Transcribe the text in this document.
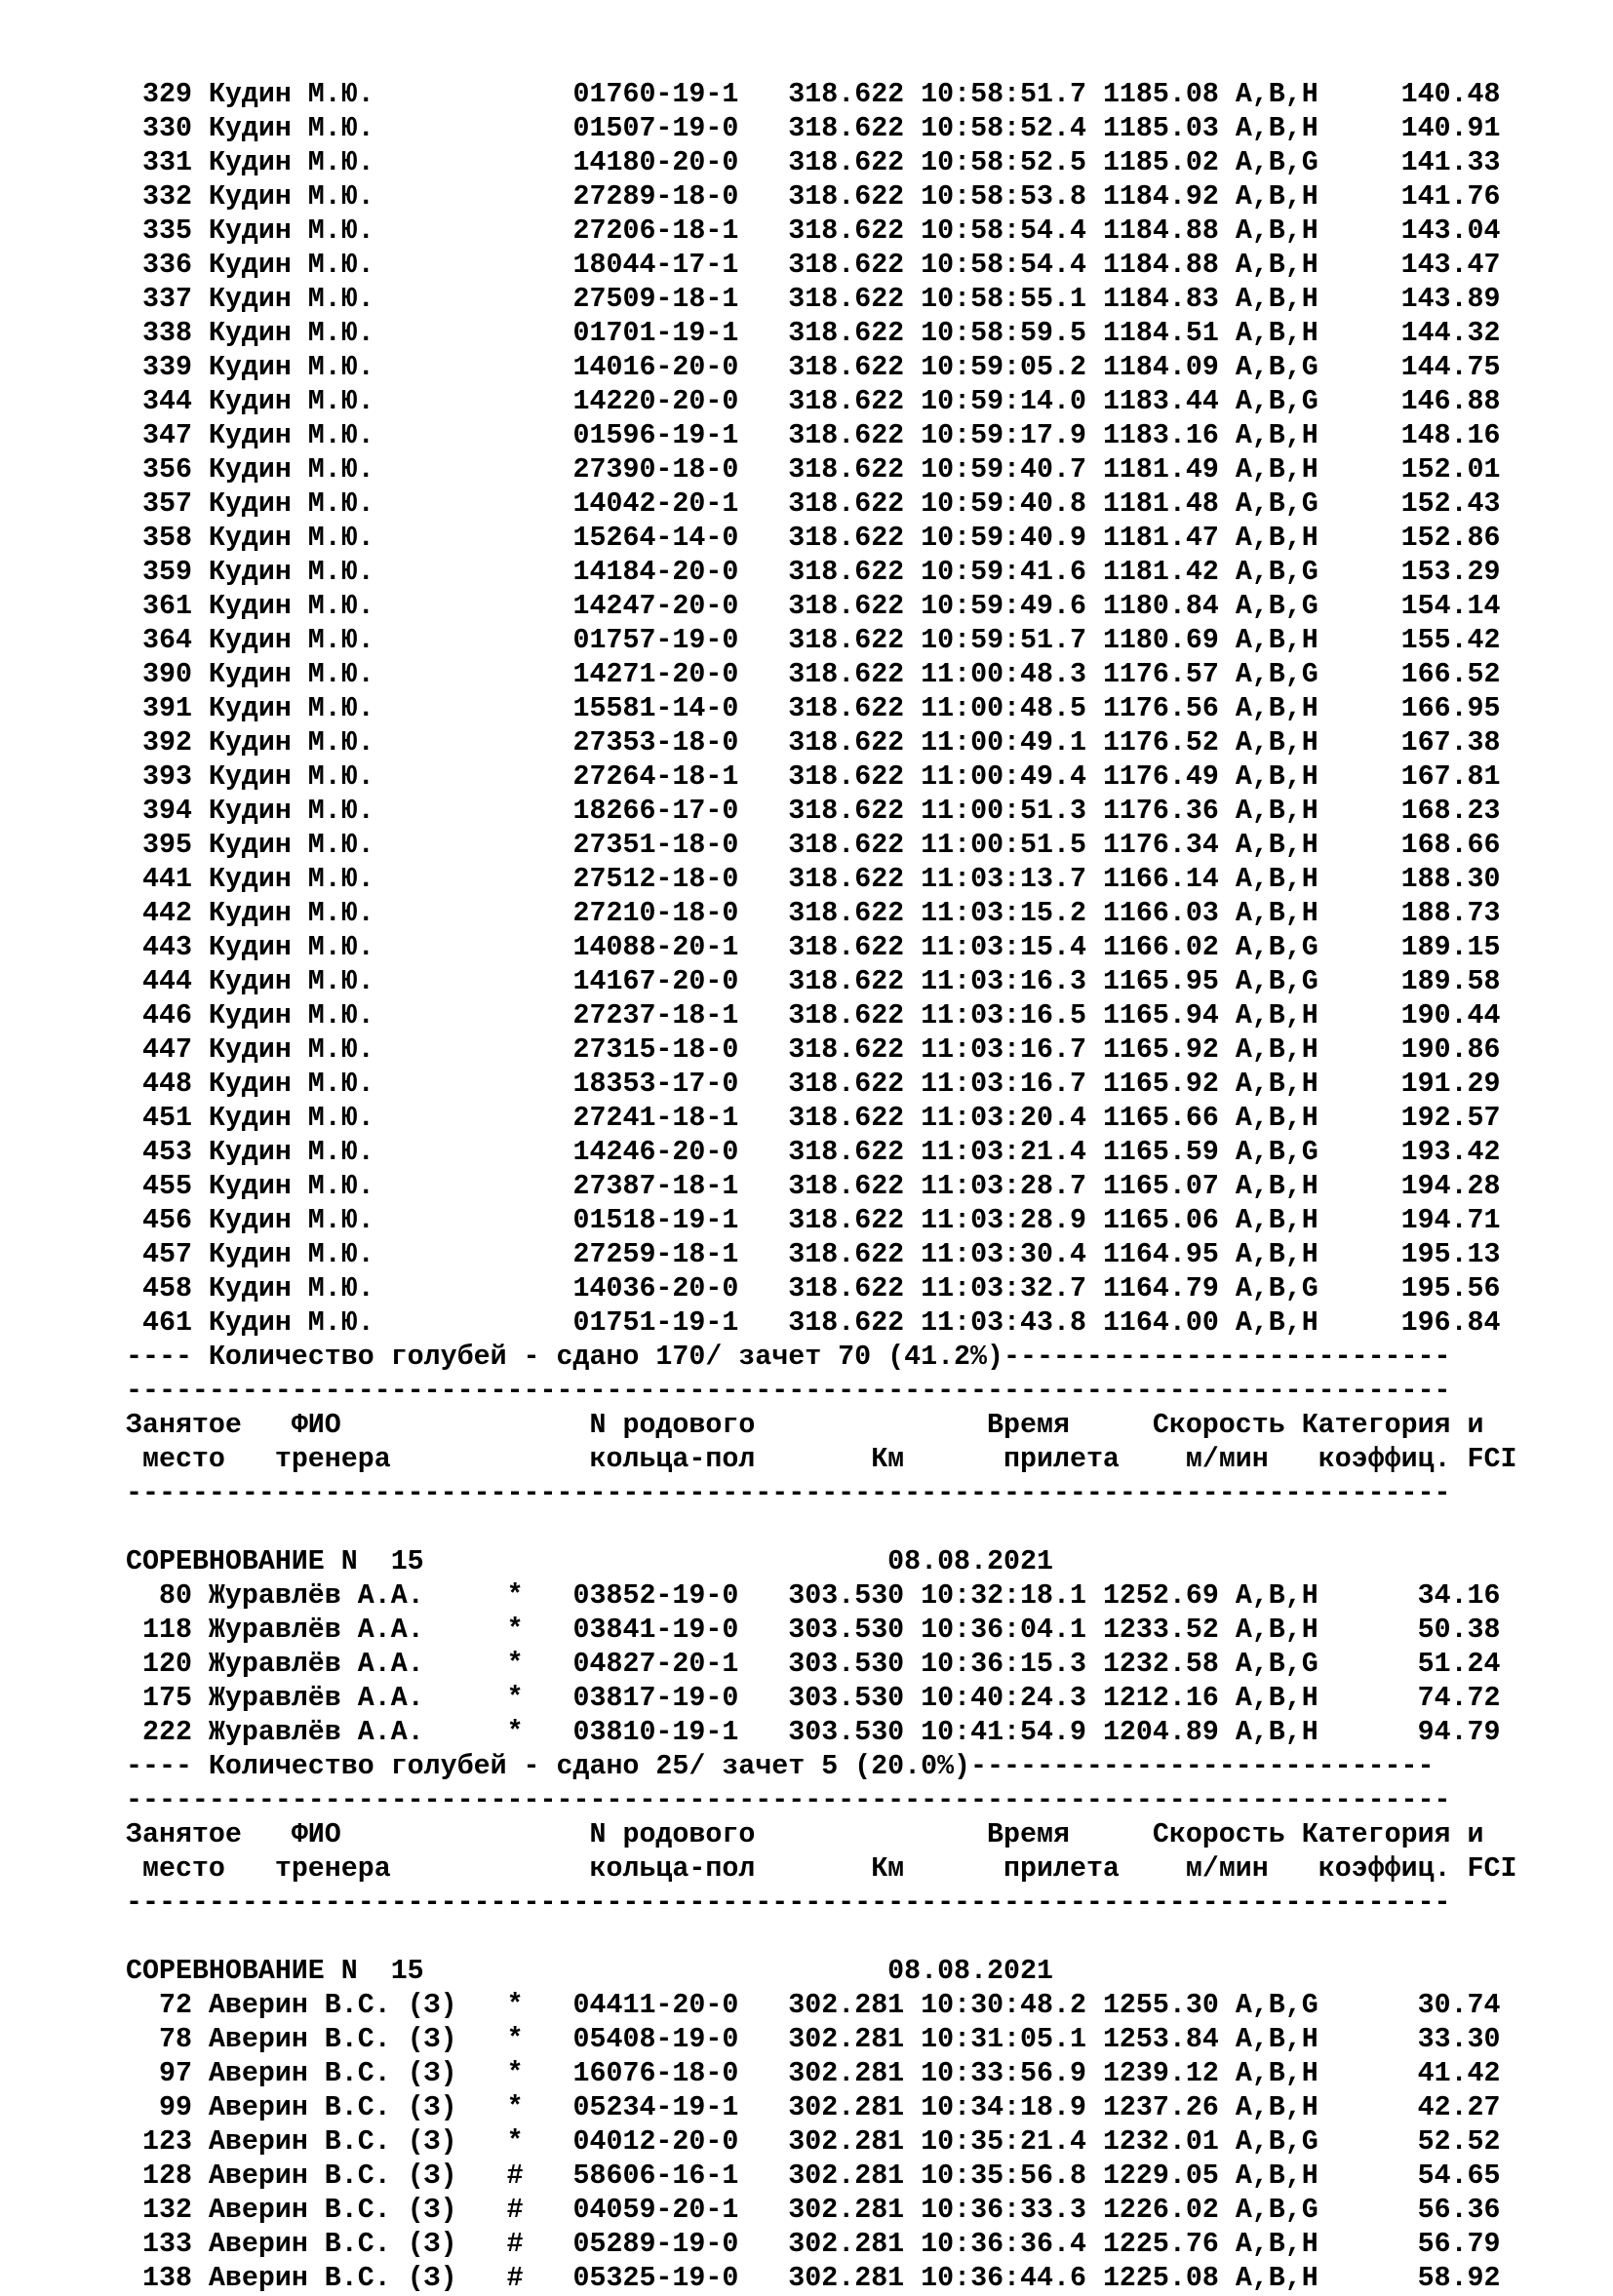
329 Кудин М.Ю.	01760-19-1 318.622 10:58:51.7 1185.08 A,B,H     140.48
330 Кудин М.Ю.	01507-19-0 318.622 10:58:52.4 1185.03 A,B,H     140.91
331 Кудин М.Ю.	14180-20-0 318.622 10:58:52.5 1185.02 A,B,G     141.33
332 Кудин М.Ю.	27289-18-0 318.622 10:58:53.8 1184.92 A,B,H     141.76
335 Кудин М.Ю.	27206-18-1 318.622 10:58:54.4 1184.88 A,B,H     143.04
336 Кудин М.Ю.	18044-17-1 318.622 10:58:54.4 1184.88 A,B,H     143.47
337 Кудин М.Ю.	27509-18-1 318.622 10:58:55.1 1184.83 A,B,H     143.89
338 Кудин М.Ю.	01701-19-1 318.622 10:58:59.5 1184.51 A,B,H     144.32
339 Кудин М.Ю.	14016-20-0 318.622 10:59:05.2 1184.09 A,B,G     144.75
344 Кудин М.Ю.	14220-20-0 318.622 10:59:14.0 1183.44 A,B,G     146.88
347 Кудин М.Ю.	01596-19-1 318.622 10:59:17.9 1183.16 A,B,H     148.16
356 Кудин М.Ю.	27390-18-0 318.622 10:59:40.7 1181.49 A,B,H     152.01
357 Кудин М.Ю.	14042-20-1 318.622 10:59:40.8 1181.48 A,B,G     152.43
358 Кудин М.Ю.	15264-14-0 318.622 10:59:40.9 1181.47 A,B,H     152.86
359 Кудин М.Ю.	14184-20-0 318.622 10:59:41.6 1181.42 A,B,G     153.29
361 Кудин М.Ю.	14247-20-0 318.622 10:59:49.6 1180.84 A,B,G     154.14
364 Кудин М.Ю.	01757-19-0 318.622 10:59:51.7 1180.69 A,B,H     155.42
390 Кудин М.Ю.	14271-20-0 318.622 11:00:48.3 1176.57 A,B,G     166.52
391 Кудин М.Ю.	15581-14-0 318.622 11:00:48.5 1176.56 A,B,H     166.95
392 Кудин М.Ю.	27353-18-0 318.622 11:00:49.1 1176.52 A,B,H     167.38
393 Кудин М.Ю.	27264-18-1 318.622 11:00:49.4 1176.49 A,B,H     167.81
394 Кудин М.Ю.	18266-17-0 318.622 11:00:51.3 1176.36 A,B,H     168.23
395 Кудин М.Ю.	27351-18-0 318.622 11:00:51.5 1176.34 A,B,H     168.66
441 Кудин М.Ю.	27512-18-0 318.622 11:03:13.7 1166.14 A,B,H     188.30
442 Кудин М.Ю.	27210-18-0 318.622 11:03:15.2 1166.03 A,B,H     188.73
443 Кудин М.Ю.	14088-20-1 318.622 11:03:15.4 1166.02 A,B,G     189.15
444 Кудин М.Ю.	14167-20-0 318.622 11:03:16.3 1165.95 A,B,G     189.58
446 Кудин М.Ю.	27237-18-1 318.622 11:03:16.5 1165.94 A,B,H     190.44
447 Кудин М.Ю.	27315-18-0 318.622 11:03:16.7 1165.92 A,B,H     190.86
448 Кудин М.Ю.	18353-17-0 318.622 11:03:16.7 1165.92 A,B,H     191.29
451 Кудин М.Ю.	27241-18-1 318.622 11:03:20.4 1165.66 A,B,H     192.57
453 Кудин М.Ю.	14246-20-0 318.622 11:03:21.4 1165.59 A,B,G     193.42
455 Кудин М.Ю.	27387-18-1 318.622 11:03:28.7 1165.07 A,B,H     194.28
456 Кудин М.Ю.	01518-19-1 318.622 11:03:28.9 1165.06 A,B,H     194.71
457 Кудин М.Ю.	27259-18-1 318.622 11:03:30.4 1164.95 A,B,H     195.13
458 Кудин М.Ю.	14036-20-0 318.622 11:03:32.7 1164.79 A,B,G     195.56
461 Кудин М.Ю.	01751-19-1 318.622 11:03:43.8 1164.00 A,B,H     196.84
---- Количество голубей - сдано 170/ зачет 70 (41.2%)---------------------------
--------------------------------------------------------------------------------
Занятое ФИО	N родового	Время	Скорость Категория и
место тренера	кольца-пол	Км	прилета м/мин коэффиц. FCI
--------------------------------------------------------------------------------
СОРЕВНОВАНИЕ N  15	08.08.2021
80 Журавлёв А.А.     * 03852-19-0 303.530 10:32:18.1 1252.69 A,B,H      34.16
118 Журавлёв А.А.     * 03841-19-0 303.530 10:36:04.1 1233.52 A,B,H      50.38
120 Журавлёв А.А.     * 04827-20-1 303.530 10:36:15.3 1232.58 A,B,G      51.24
175 Журавлёв А.А.     * 03817-19-0 303.530 10:40:24.3 1212.16 A,B,H      74.72
222 Журавлёв А.А.     * 03810-19-1 303.530 10:41:54.9 1204.89 A,B,H      94.79
---- Количество голубей - сдано 25/ зачет 5 (20.0%)----------------------------
--------------------------------------------------------------------------------
Занятое ФИО	N родового	Время	Скорость Категория и
место тренера	кольца-пол	Км	прилета м/мин коэффиц. FCI
--------------------------------------------------------------------------------
СОРЕВНОВАНИЕ N  15	08.08.2021
72 Аверин В.С. (З) * 04411-20-0 302.281 10:30:48.2 1255.30 A,B,G      30.74
78 Аверин В.С. (З) * 05408-19-0 302.281 10:31:05.1 1253.84 A,B,H      33.30
97 Аверин В.С. (З) * 16076-18-0 302.281 10:33:56.9 1239.12 A,B,H      41.42
99 Аверин В.С. (З) * 05234-19-1 302.281 10:34:18.9 1237.26 A,B,H      42.27
123 Аверин В.С. (З) * 04012-20-0 302.281 10:35:21.4 1232.01 A,B,G      52.52
128 Аверин В.С. (З) # 58606-16-1 302.281 10:35:56.8 1229.05 A,B,H      54.65
132 Аверин В.С. (З) # 04059-20-1 302.281 10:36:33.3 1226.02 A,B,G      56.36
133 Аверин В.С. (З) # 05289-19-0 302.281 10:36:36.4 1225.76 A,B,H      56.79
138 Аверин В.С. (З) # 05325-19-0 302.281 10:36:44.6 1225.08 A,B,H      58.92
